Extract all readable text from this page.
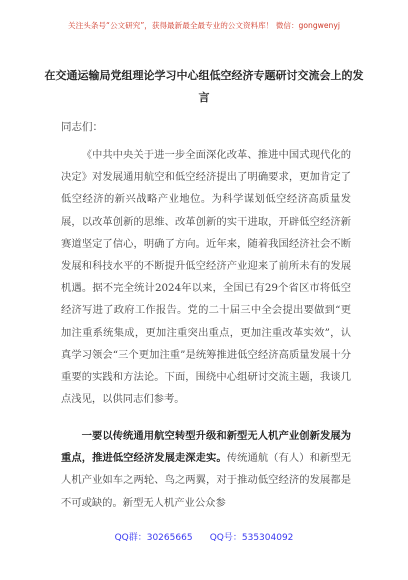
关注头条号“公文研究”，获得最新最全最专业的公文资料库！ 微信：gongwenyj
在交通运输局党组理论学习中心组低空经济专题研讨交流会上的发言
同志们：

《中共中央关于进一步全面深化改革、推进中国式现代化的决定》对发展通用航空和低空经济提出了明确要求，更加肯定了低空经济的新兴战略产业地位。为科学谋划低空经济高质量发展，以改革创新的思维、改革创新的实干进取，开辟低空经济新赛道坚定了信心，明确了方向。近年来，随着我国经济社会不断发展和科技水平的不断提升低空经济产业迎来了前所未有的发展机遇。据不完全统计2024年以来，全国已有29个省区市将低空经济写进了政府工作报告。党的二十届三中全会提出要做到“更加注重系统集成，更加注重突出重点，更加注重改革实效”，认真学习领会“三个更加注重”是统筹推进低空经济高质量发展十分重要的实践和方法论。下面，围绕中心组研讨交流主题，我谈几点浅见，以供同志们参考。

一要以传统通用航空转型升级和新型无人机产业创新发展为重点，推进低空经济发展走深走实。传统通航（有人）和新型无人机产业如车之两轮、鸟之两翼，对于推动低空经济的发展都是不可或缺的。新型无人机产业公众参

QQ群：30265665      QQ号：535304092
